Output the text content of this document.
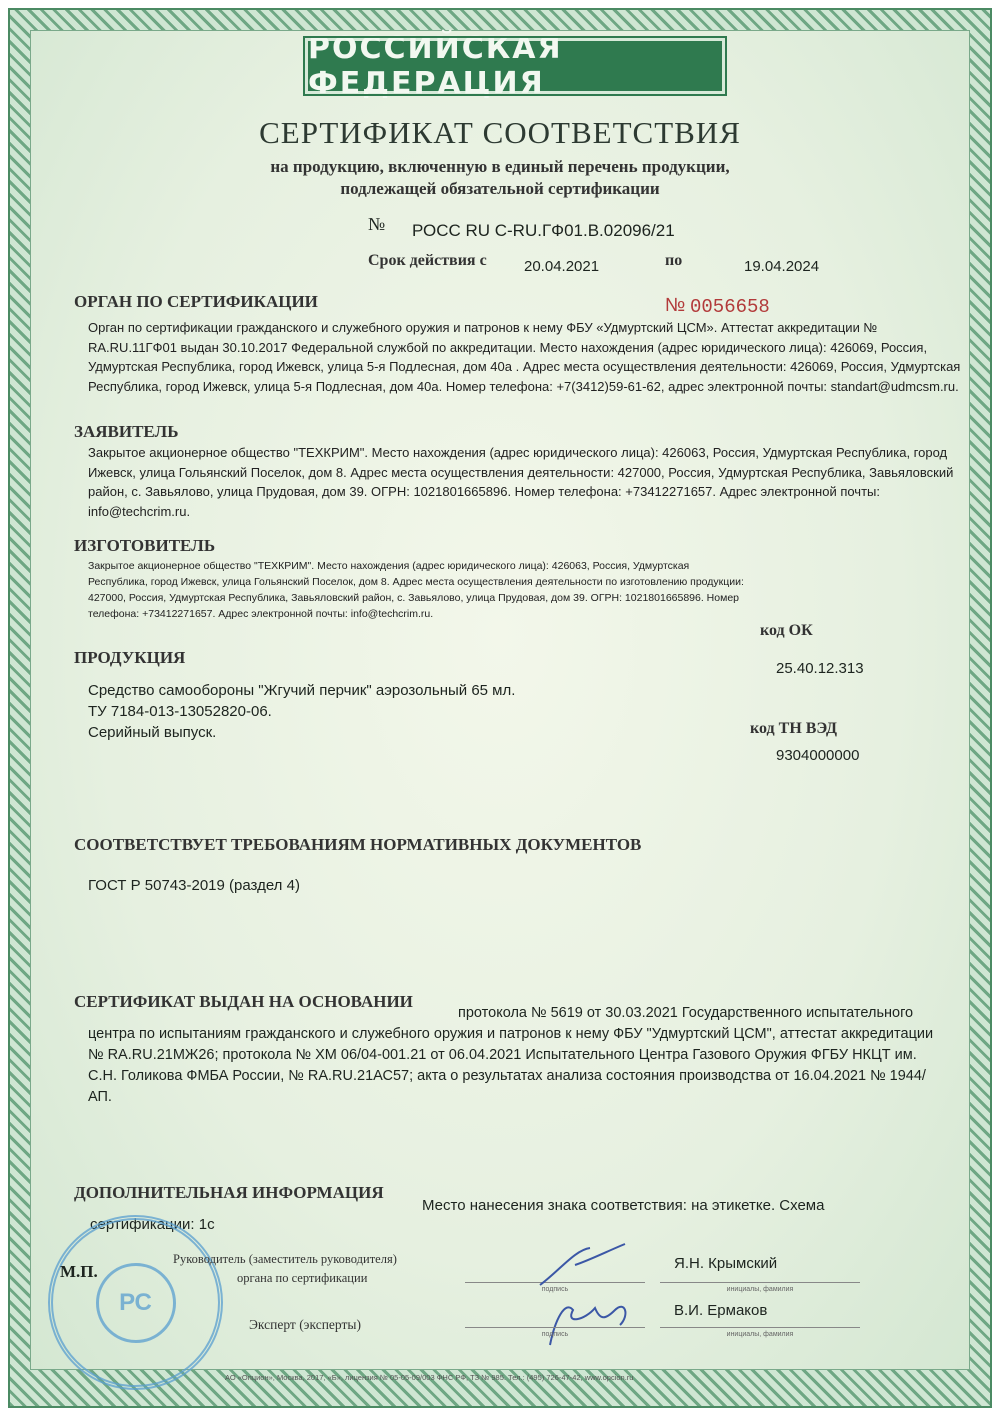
РОССИЙСКАЯ ФЕДЕРАЦИЯ
СЕРТИФИКАТ СООТВЕТСТВИЯ
на продукцию, включенную в единый перечень продукции,
подлежащей обязательной сертификации
№ РОСС RU C-RU.ГФ01.В.02096/21
Срок действия с 20.04.2021	по	19.04.2024
ОРГАН ПО СЕРТИФИКАЦИИ	№ 0056658
Орган по сертификации гражданского и служебного оружия и патронов к нему ФБУ «Удмуртский ЦСМ». Аттестат аккредитации № RA.RU.11ГФ01 выдан 30.10.2017 Федеральной службой по аккредитации. Место нахождения (адрес юридического лица): 426069, Россия, Удмуртская Республика, город Ижевск, улица 5-я Подлесная, дом 40а . Адрес места осуществления деятельности: 426069, Россия, Удмуртская Республика, город Ижевск, улица 5-я Подлесная, дом 40а. Номер телефона: +7(3412)59-61-62, адрес электронной почты: standart@udmcsm.ru.
ЗАЯВИТЕЛЬ
Закрытое акционерное общество "ТЕХКРИМ". Место нахождения (адрес юридического лица): 426063, Россия, Удмуртская Республика, город Ижевск, улица Гольянский Поселок, дом 8. Адрес места осуществления деятельности: 427000, Россия, Удмуртская Республика, Завьяловский район, с. Завьялово, улица Прудовая, дом 39. ОГРН: 1021801665896. Номер телефона: +73412271657. Адрес электронной почты: info@techcrim.ru.
ИЗГОТОВИТЕЛЬ
Закрытое акционерное общество "ТЕХКРИМ". Место нахождения (адрес юридического лица): 426063, Россия, Удмуртская Республика, город Ижевск, улица Гольянский Поселок, дом 8. Адрес места осуществления деятельности по изготовлению продукции: 427000, Россия, Удмуртская Республика, Завьяловский район, с. Завьялово, улица Прудовая, дом 39. ОГРН: 1021801665896. Номер телефона: +73412271657. Адрес электронной почты: info@techcrim.ru.
ПРОДУКЦИЯ
код ОК
25.40.12.313
Средство самообороны "Жгучий перчик" аэрозольный 65 мл.
ТУ 7184-013-13052820-06.
Серийный выпуск.	код ТН ВЭД
9304000000
СООТВЕТСТВУЕТ ТРЕБОВАНИЯМ НОРМАТИВНЫХ ДОКУМЕНТОВ
ГОСТ Р 50743-2019 (раздел 4)
СЕРТИФИКАТ ВЫДАН НА ОСНОВАНИИ
протокола № 5619 от 30.03.2021 Государственного испытательного центра по испытаниям гражданского и служебного оружия и патронов к нему ФБУ "Удмуртский ЦСМ", аттестат аккредитации № RA.RU.21МЖ26; протокола № ХМ 06/04-001.21 от 06.04.2021 Испытательного Центра Газового Оружия ФГБУ НКЦТ им. С.Н. Голикова ФМБА России, № RA.RU.21АС57; акта о результатах анализа состояния производства от 16.04.2021 № 1944/АП.
ДОПОЛНИТЕЛЬНАЯ ИНФОРМАЦИЯ
Место нанесения знака соответствия: на этикетке. Схема
сертификации: 1с
РС
М.П.
Руководитель (заместитель руководителя)
органа по сертификации
подпись
Я.Н. Крымский
инициалы, фамилия
Эксперт (эксперты)
подпись
В.И. Ермаков
инициалы, фамилия
АО «Опцион», Москва, 2017, «Б», лицензия № 05-05-09/003 ФНС РФ, ТЗ № 985. Тел.: (495) 726-47-42, www.opcion.ru
